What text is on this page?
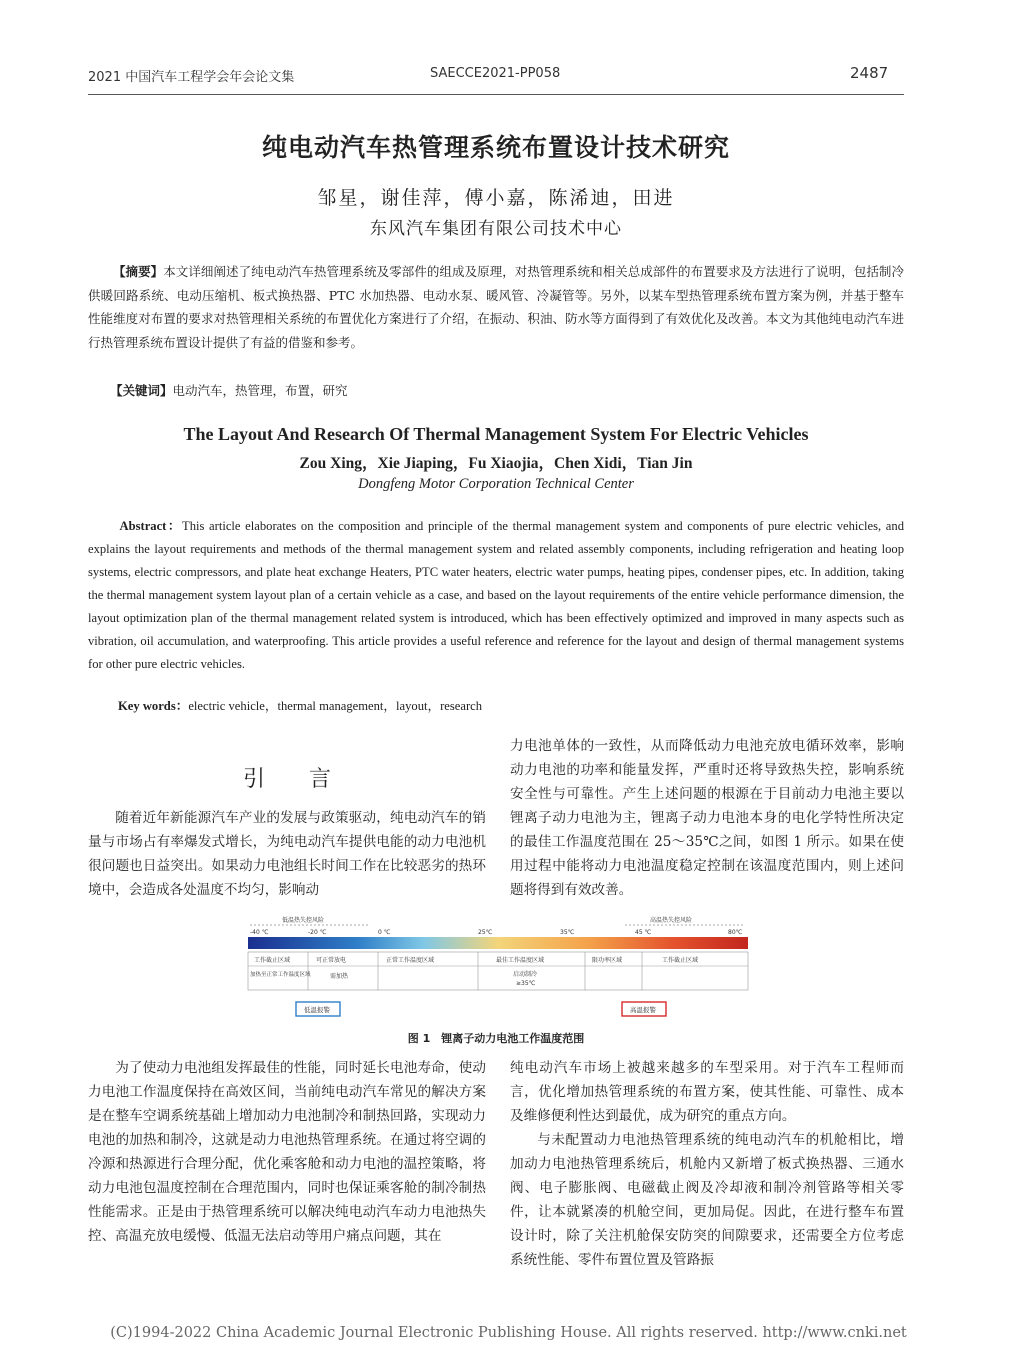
2021 中国汽车工程学会年会论文集	SAECCE2021-PP058	2487
纯电动汽车热管理系统布置设计技术研究
邹星，谢佳萍，傅小嘉，陈浠迪，田进
东风汽车集团有限公司技术中心

【摘要】本文详细阐述了纯电动汽车热管理系统及零部件的组成及原理，对热管理系统和相关总成部件的布置要求及方法进行了说明，包括制冷供暖回路系统、电动压缩机、板式换热器、PTC 水加热器、电动水泵、暖风管、冷凝管等。另外，以某车型热管理系统布置方案为例，并基于整车性能维度对布置的要求对热管理相关系统的布置优化方案进行了介绍，在振动、积油、防水等方面得到了有效优化及改善。本文为其他纯电动汽车进行热管理系统布置设计提供了有益的借鉴和参考。

【关键词】电动汽车，热管理，布置，研究
The Layout And Research Of Thermal Management System For Electric Vehicles
Zou Xing，Xie Jiaping，Fu Xiaojia，Chen Xidi，Tian Jin
Dongfeng Motor Corporation Technical Center
Abstract：This article elaborates on the composition and principle of the thermal management system and components of pure electric vehicles, and explains the layout requirements and methods of the thermal management system and related assembly components, including refrigeration and heating loop systems, electric compressors, and plate heat exchange Heaters, PTC water heaters, electric water pumps, heating pipes, condenser pipes, etc. In addition, taking the thermal management system layout plan of a certain vehicle as a case, and based on the layout requirements of the entire vehicle performance dimension, the layout optimization plan of the thermal management related system is introduced, which has been effectively optimized and improved in many aspects such as vibration, oil accumulation, and waterproofing. This article provides a useful reference and reference for the layout and design of thermal management systems for other pure electric vehicles.
Key words：electric vehicle，thermal management，layout，research
引　　言

随着近年新能源汽车产业的发展与政策驱动，纯电动汽车的销量与市场占有率爆发式增长，为纯电动汽车提供电能的动力电池机很问题也日益突出。如果动力电池组长时间工作在比较恶劣的热环境中，会造成各处温度不均匀，影响动

力电池单体的一致性，从而降低动力电池充放电循环效率，影响动力电池的功率和能量发挥，严重时还将导致热失控，影响系统安全性与可靠性。产生上述问题的根源在于目前动力电池主要以锂离子动力电池为主，锂离子动力电池本身的电化学特性所决定的最佳工作温度范围在 25～35℃之间，如图 1 所示。如果在使用过程中能将动力电池温度稳定控制在该温度范围内，则上述问题将得到有效改善。

低温热失控风险	高温热失控风险
-40 ℃	-20 ℃	0 ℃	25℃	35℃	45 ℃	80℃
工作截止区域	可正常放电	正常工作温度区域	最佳工作温度区域	限功率区域	工作截止区域
加热至正常工作温度区域	需加热	启动制冷
≥35℃
低温报警	高温报警
图 1　锂离子动力电池工作温度范围

为了使动力电池组发挥最佳的性能，同时延长电池寿命，使动力电池工作温度保持在高效区间，当前纯电动汽车常见的解决方案是在整车空调系统基础上增加动力电池制冷和制热回路，实现动力电池的加热和制冷，这就是动力电池热管理系统。在通过将空调的冷源和热源进行合理分配，优化乘客舱和动力电池的温控策略，将动力电池包温度控制在合理范围内，同时也保证乘客舱的制冷制热性能需求。正是由于热管理系统可以解决纯电动汽车动力电池热失控、高温充放电缓慢、低温无法启动等用户痛点问题，其在

纯电动汽车市场上被越来越多的车型采用。对于汽车工程师而言，优化增加热管理系统的布置方案，使其性能、可靠性、成本及维修便利性达到最优，成为研究的重点方向。

与未配置动力电池热管理系统的纯电动汽车的机舱相比，增加动力电池热管理系统后，机舱内又新增了板式换热器、三通水阀、电子膨胀阀、电磁截止阀及冷却液和制冷剂管路等相关零件，让本就紧凑的机舱空间，更加局促。因此，在进行整车布置设计时，除了关注机舱保安防突的间隙要求，还需要全方位考虑系统性能、零件布置位置及管路振

(C)1994-2022 China Academic Journal Electronic Publishing House. All rights reserved. http://www.cnki.net
